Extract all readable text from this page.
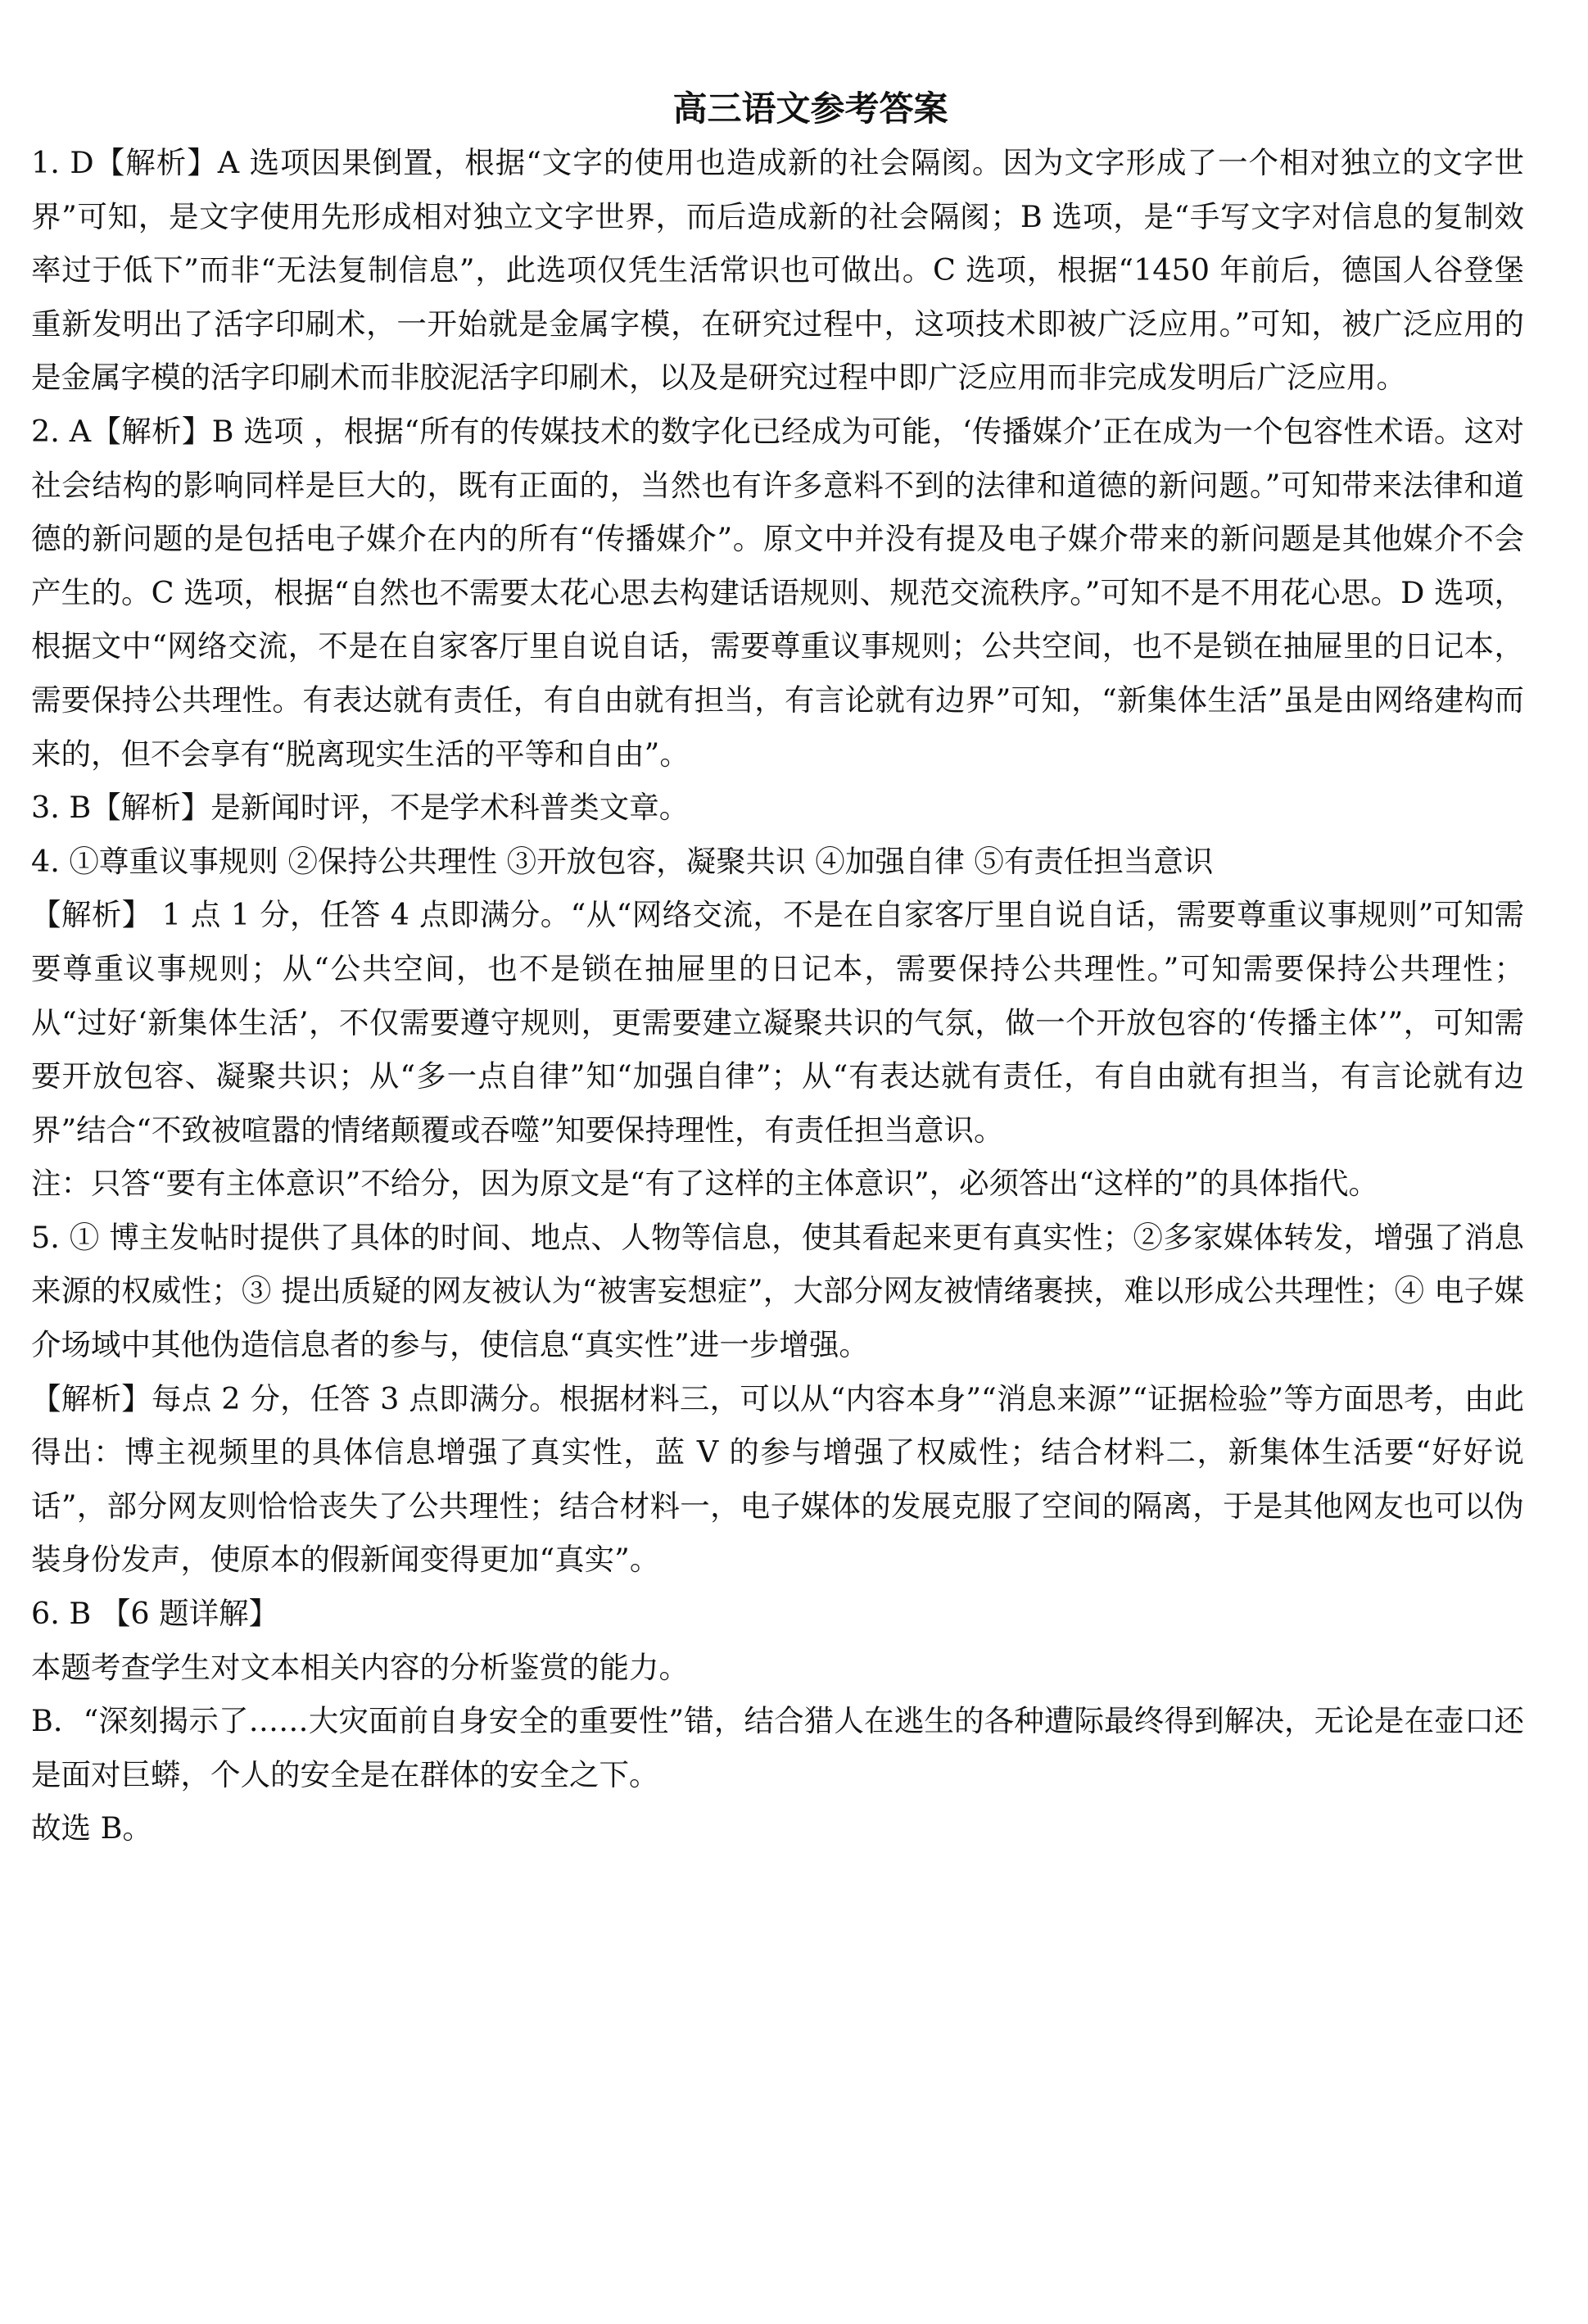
高三语文参考答案

1. D【解析】A 选项因果倒置，根据“文字的使用也造成新的社会隔阂。因为文字形成了一个相对独立的文字世界”可知，是文字使用先形成相对独立文字世界，而后造成新的社会隔阂；B 选项，是“手写文字对信息的复制效率过于低下”而非“无法复制信息”，此选项仅凭生活常识也可做出。C 选项，根据“1450 年前后，德国人谷登堡重新发明出了活字印刷术，一开始就是金属字模，在研究过程中，这项技术即被广泛应用。”可知，被广泛应用的是金属字模的活字印刷术而非胶泥活字印刷术，以及是研究过程中即广泛应用而非完成发明后广泛应用。

2. A【解析】B 选项 ，根据“所有的传媒技术的数字化已经成为可能，‘传播媒介’正在成为一个包容性术语。这对社会结构的影响同样是巨大的，既有正面的，当然也有许多意料不到的法律和道德的新问题。”可知带来法律和道德的新问题的是包括电子媒介在内的所有“传播媒介”。原文中并没有提及电子媒介带来的新问题是其他媒介不会产生的。C 选项，根据“自然也不需要太花心思去构建话语规则、规范交流秩序。”可知不是不用花心思。D 选项，根据文中“网络交流，不是在自家客厅里自说自话，需要尊重议事规则；公共空间，也不是锁在抽屉里的日记本，需要保持公共理性。有表达就有责任，有自由就有担当，有言论就有边界”可知，“新集体生活”虽是由网络建构而来的，但不会享有“脱离现实生活的平等和自由”。

3. B【解析】是新闻时评，不是学术科普类文章。

4. ①尊重议事规则 ②保持公共理性 ③开放包容，凝聚共识 ④加强自律 ⑤有责任担当意识

【解析】 1 点 1 分，任答 4 点即满分。“从“网络交流，不是在自家客厅里自说自话，需要尊重议事规则”可知需要尊重议事规则；从“公共空间，也不是锁在抽屉里的日记本，需要保持公共理性。”可知需要保持公共理性；从“过好‘新集体生活’，不仅需要遵守规则，更需要建立凝聚共识的气氛，做一个开放包容的‘传播主体’”，可知需要开放包容、凝聚共识；从“多一点自律”知“加强自律”；从“有表达就有责任，有自由就有担当，有言论就有边界”结合“不致被喧嚣的情绪颠覆或吞噬”知要保持理性，有责任担当意识。

注：只答“要有主体意识”不给分，因为原文是“有了这样的主体意识”，必须答出“这样的”的具体指代。

5. ① 博主发帖时提供了具体的时间、地点、人物等信息，使其看起来更有真实性；②多家媒体转发，增强了消息来源的权威性；③ 提出质疑的网友被认为“被害妄想症”，大部分网友被情绪裹挟，难以形成公共理性；④ 电子媒介场域中其他伪造信息者的参与，使信息“真实性”进一步增强。

【解析】每点 2 分，任答 3 点即满分。根据材料三，可以从“内容本身”“消息来源”“证据检验”等方面思考，由此得出：博主视频里的具体信息增强了真实性，蓝 V 的参与增强了权威性；结合材料二，新集体生活要“好好说话”，部分网友则恰恰丧失了公共理性；结合材料一，电子媒体的发展克服了空间的隔离，于是其他网友也可以伪装身份发声，使原本的假新闻变得更加“真实”。

6. B 【6 题详解】

本题考查学生对文本相关内容的分析鉴赏的能力。

B．“深刻揭示了……大灾面前自身安全的重要性”错，结合猎人在逃生的各种遭际最终得到解决，无论是在壶口还是面对巨蟒，个人的安全是在群体的安全之下。

故选 B。
